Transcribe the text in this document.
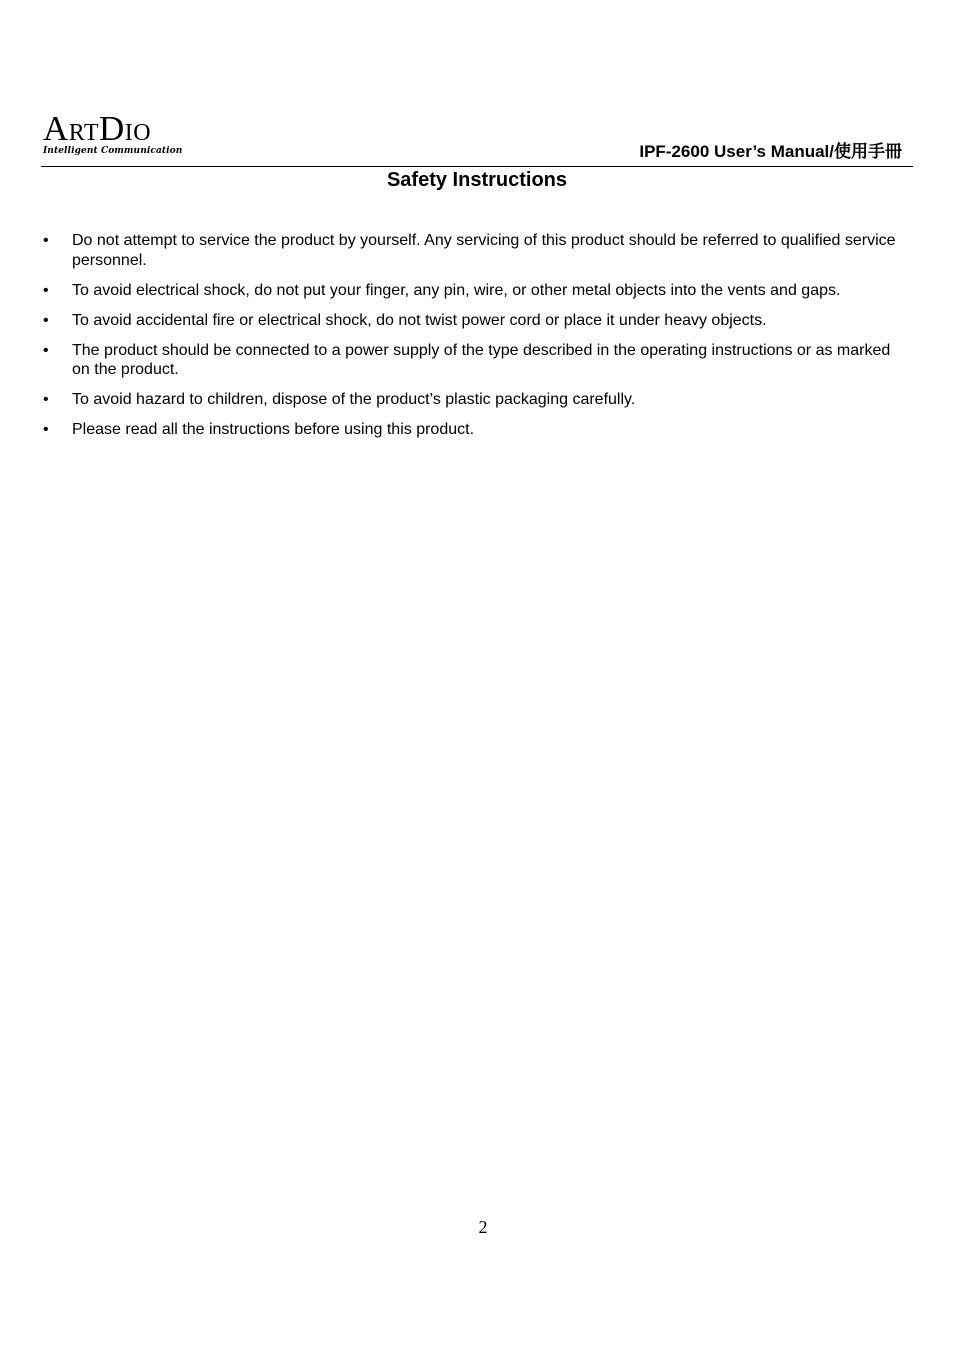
ARTDIO
Intelligent Communication	IPF-2600 User’s Manual/使用手冊
Safety Instructions
• Do not attempt to service the product by yourself. Any servicing of this product should be referred to qualified service personnel.
• To avoid electrical shock, do not put your finger, any pin, wire, or other metal objects into the vents and gaps.
• To avoid accidental fire or electrical shock, do not twist power cord or place it under heavy objects.
• The product should be connected to a power supply of the type described in the operating instructions or as marked on the product.
• To avoid hazard to children, dispose of the product’s plastic packaging carefully.
• Please read all the instructions before using this product.
2
